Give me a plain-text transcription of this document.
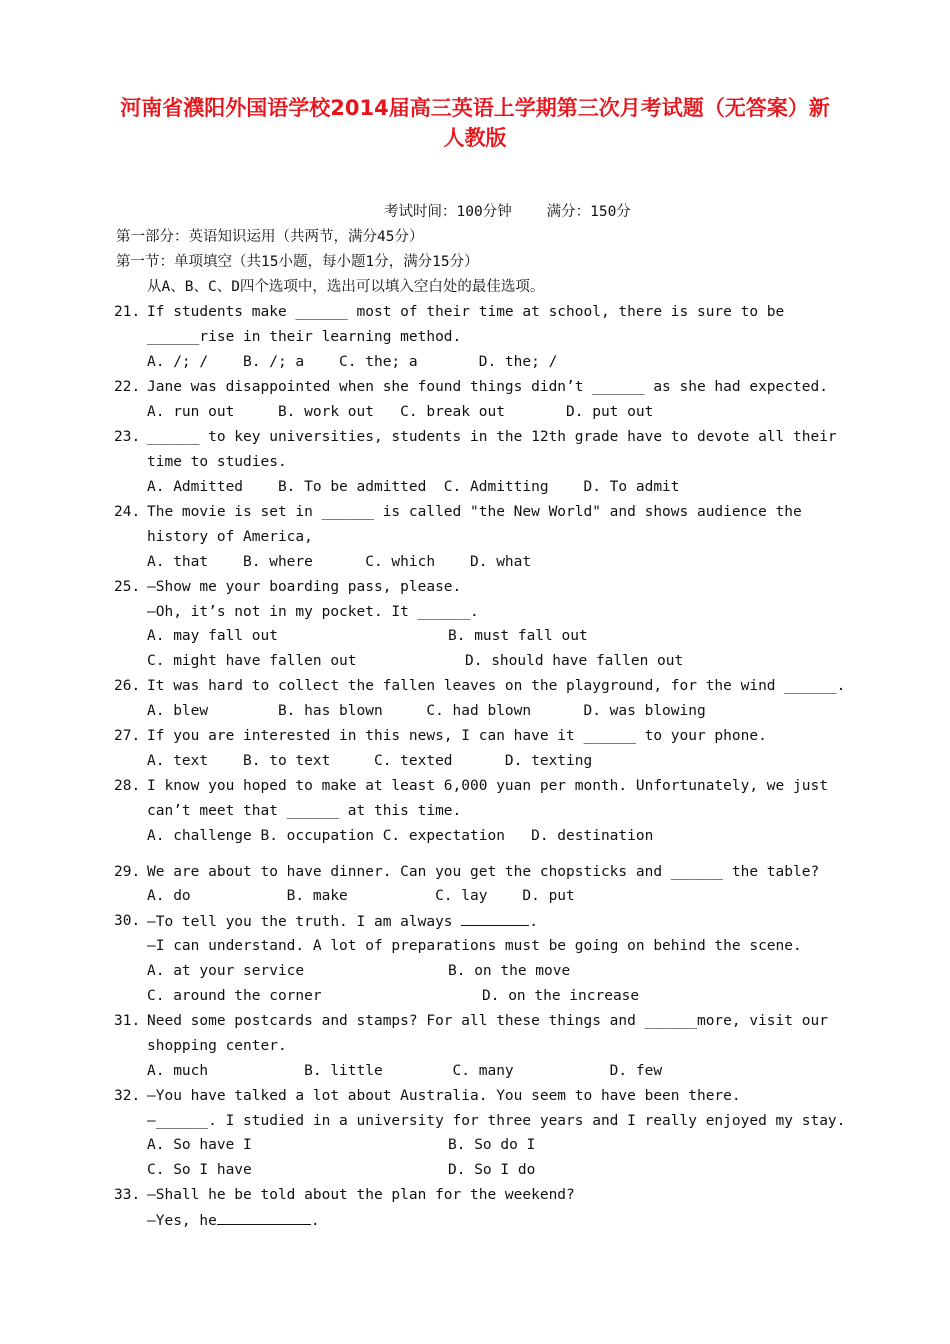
河南省濮阳外国语学校2014届高三英语上学期第三次月考试题（无答案）新人教版
考试时间：100分钟    满分：150分
第一部分：英语知识运用（共两节，满分45分）
第一节：单项填空（共15小题，每小题1分，满分15分）
从A、B、C、D四个选项中，选出可以填入空白处的最佳选项。
21. If students make ______ most of their time at school, there is sure to be
______rise in their learning method.
A. /; /    B. /; a    C. the; a       D. the; /
22. Jane was disappointed when she found things didn’t ______ as she had expected.
A. run out     B. work out   C. break out       D. put out
23. ______ to key universities, students in the 12th grade have to devote all their
time to studies.
A. Admitted    B. To be admitted  C. Admitting    D. To admit
24. The movie is set in ______ is called "the New World" and shows audience the
history of America,
A. that    B. where      C. which    D. what
25. —Show me your boarding pass, please.
—Oh, it’s not in my pocket. It ______.
A. may fall out	B. must fall out
C. might have fallen out	D. should have fallen out
26. It was hard to collect the fallen leaves on the playground, for the wind ______.
A. blew        B. has blown     C. had blown      D. was blowing
27. If you are interested in this news, I can have it ______ to your phone.
A. text    B. to text     C. texted      D. texting
28. I know you hoped to make at least 6,000 yuan per month. Unfortunately, we just
can’t meet that ______ at this time.
A. challenge B. occupation C. expectation   D. destination
29. We are about to have dinner. Can you get the chopsticks and ______ the table?
A. do           B. make          C. lay    D. put
30. —To tell you the truth. I am always	.
—I can understand. A lot of preparations must be going on behind the scene.
A. at your service	B. on the move
C. around the corner	D. on the increase
31. Need some postcards and stamps? For all these things and ______more, visit our
shopping center.
A. much           B. little        C. many           D. few
32. —You have talked a lot about Australia. You seem to have been there.
—______. I studied in a university for three years and I really enjoyed my stay.
A. So have I	B. So do I
C. So I have	D. So I do
33. —Shall he be told about the plan for the weekend?
—Yes, he	.
